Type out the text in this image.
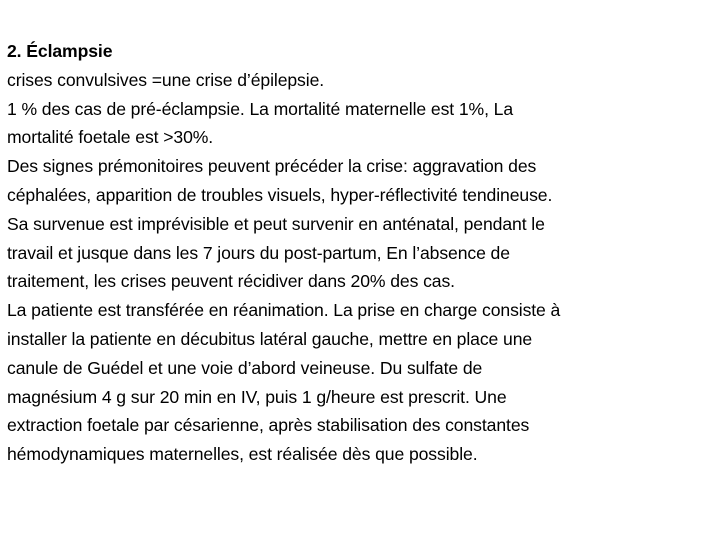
2. Éclampsie
crises convulsives =une crise d’épilepsie.
1 % des cas de pré-éclampsie. La mortalité maternelle est 1%, La
mortalité foetale est >30%.
Des signes prémonitoires peuvent précéder la crise: aggravation des
céphalées, apparition de troubles visuels, hyper-réflectivité tendineuse.
Sa survenue est imprévisible et peut survenir en anténatal, pendant le
travail et jusque dans les 7 jours du post-partum, En l’absence de
traitement, les crises peuvent récidiver dans 20% des cas.
La patiente est transférée en réanimation. La prise en charge consiste à
installer la patiente en décubitus latéral gauche, mettre en place une
canule de Guédel et une voie d’abord veineuse. Du sulfate de
magnésium 4 g sur 20 min en IV, puis 1 g/heure est prescrit. Une
extraction foetale par césarienne, après stabilisation des constantes
hémodynamiques maternelles, est réalisée dès que possible.
